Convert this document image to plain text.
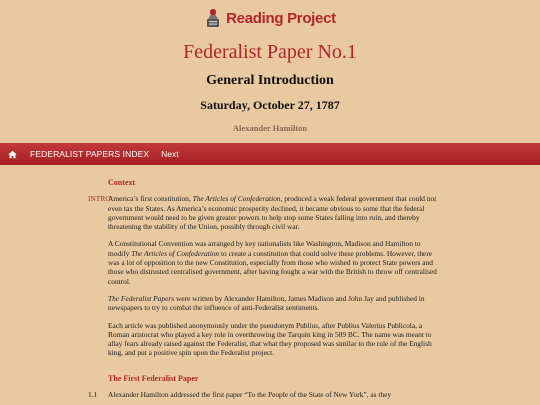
Reading Project
Federalist Paper No.1
General Introduction
Saturday, October 27, 1787
Alexander Hamilton
FEDERALIST PAPERS INDEX	Next
Context
INTRO
America’s first constitution, The Articles of Confederation, produced a weak federal government that could not even tax the States. As America’s economic prosperity declined, it became obvious to some that the federal government would need to be given greater powers to help stop some States falling into ruin, and thereby threatening the stability of the Union, possibly through civil war.
A Constitutional Convention was arranged by key nationalists like Washington, Madison and Hamilton to modify The Articles of Confederation to create a constitution that could solve these problems. However, there was a lot of opposition to the new Constitution, especially from those who wished to protect State powers and those who distrusted centralised government, after having fought a war with the British to throw off centralised control.
The Federalist Papers were written by Alexander Hamilton, James Madison and John Jay and published in newspapers to try to combat the influence of anti-Federalist sentiments.
Each article was published anonymously under the pseudonym Publius, after Publius Valerius Publicola, a Roman aristocrat who played a key role in overthrowing the Tarquin king in 509 BC. The name was meant to allay fears already raised against the Federalist, that what they proposed was similar to the rule of the English king, and put a positive spin upon the Federalist project.
The First Federalist Paper
1.1 Alexander Hamilton addressed the first paper “To the People of the State of New York”, as they
